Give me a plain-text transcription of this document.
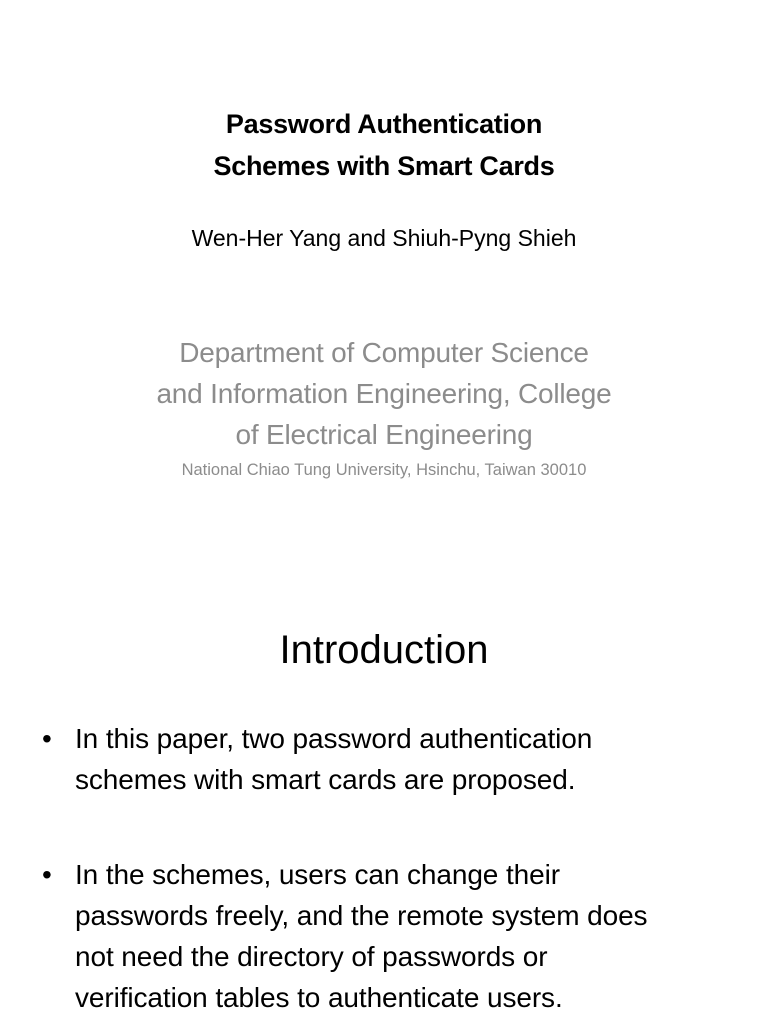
Password Authentication
Schemes with Smart Cards
Wen-Her Yang and Shiuh-Pyng Shieh
Department of Computer Science
and Information Engineering, College
of Electrical Engineering
National Chiao Tung University, Hsinchu, Taiwan 30010
Introduction
• In this paper, two password authentication
schemes with smart cards are proposed.
• In the schemes, users can change their
passwords freely, and the remote system does
not need the directory of passwords or
verification tables to authenticate users.
